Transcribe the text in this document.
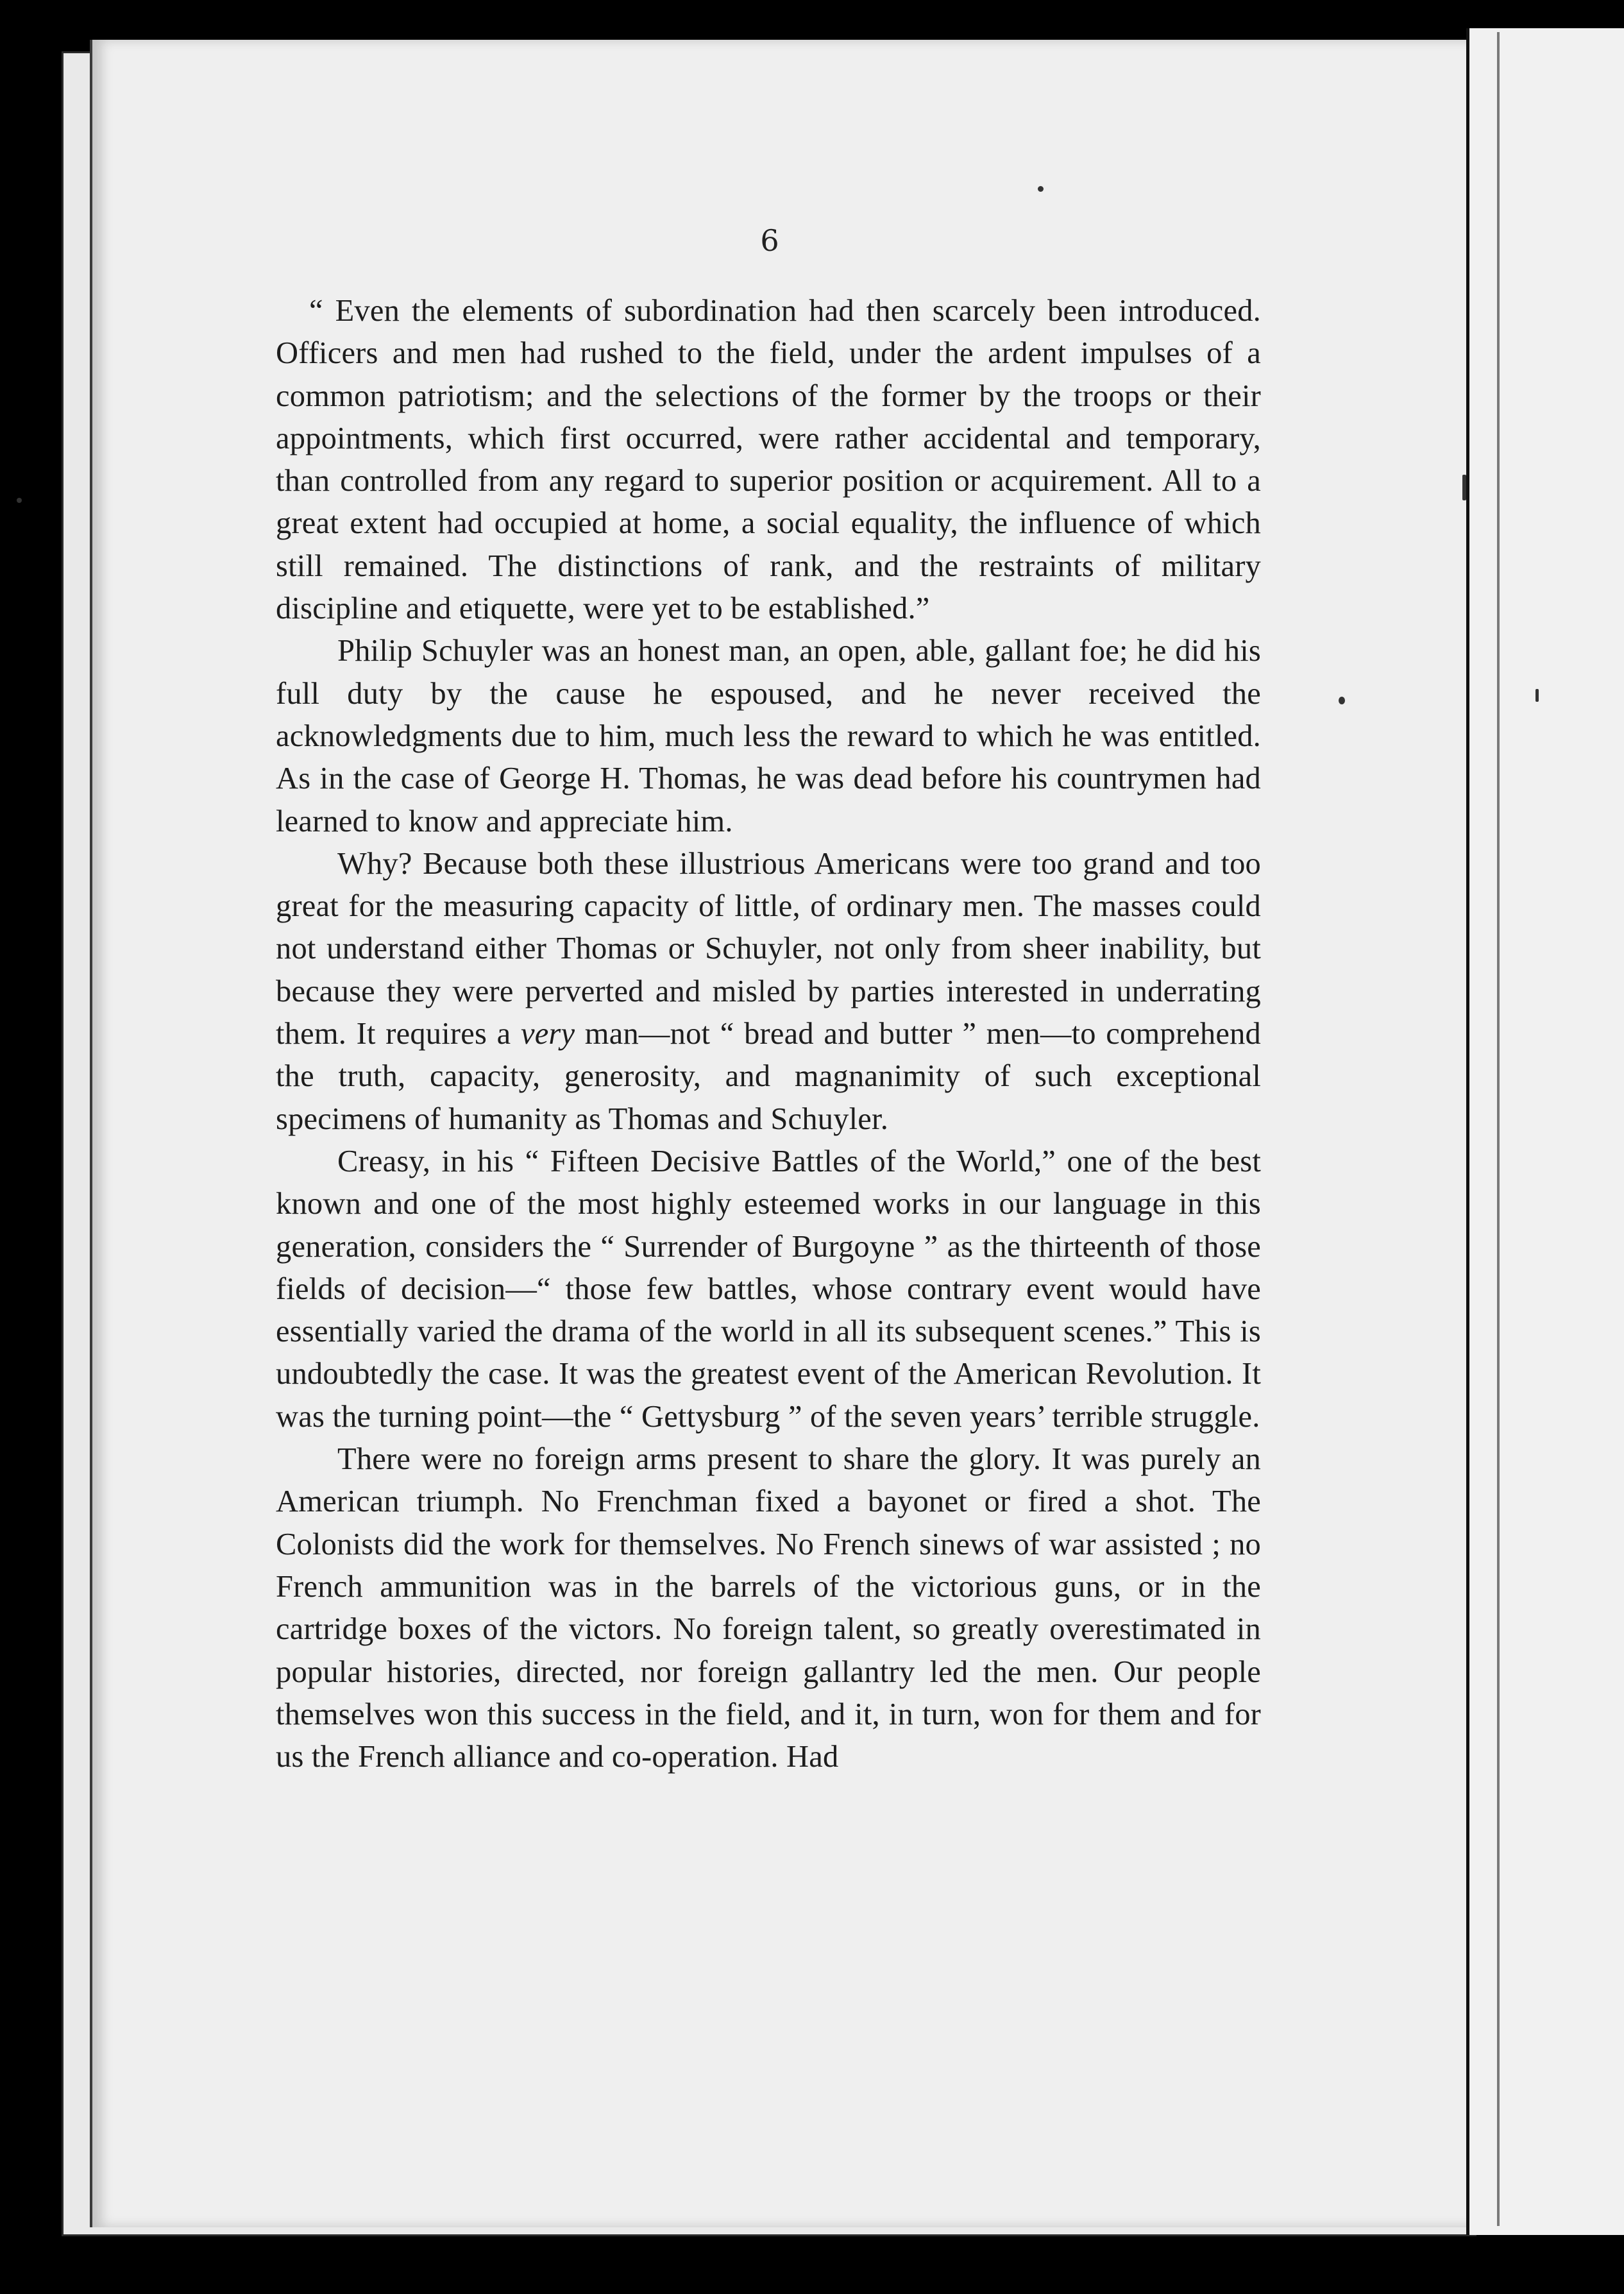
6

“ Even the elements of subordination had then scarcely been introduced. Officers and men had rushed to the field, under the ardent impulses of a common patriotism; and the selections of the former by the troops or their appointments, which first occurred, were rather accidental and temporary, than controlled from any regard to superior position or acquirement. All to a great extent had occupied at home, a social equality, the influence of which still remained. The distinctions of rank, and the restraints of military discipline and etiquette, were yet to be established.”

Philip Schuyler was an honest man, an open, able, gallant foe; he did his full duty by the cause he espoused, and he never received the acknowledgments due to him, much less the reward to which he was entitled. As in the case of George H. Thomas, he was dead before his countrymen had learned to know and appreciate him.

Why? Because both these illustrious Americans were too grand and too great for the measuring capacity of little, of ordinary men. The masses could not understand either Thomas or Schuyler, not only from sheer inability, but because they were perverted and misled by parties interested in underrating them. It requires a very man—not “ bread and butter ” men—to comprehend the truth, capacity, generosity, and magnanimity of such exceptional specimens of humanity as Thomas and Schuyler.

Creasy, in his “ Fifteen Decisive Battles of the World,” one of the best known and one of the most highly esteemed works in our language in this generation, considers the “ Surrender of Burgoyne ” as the thirteenth of those fields of decision—“ those few battles, whose contrary event would have essentially varied the drama of the world in all its subsequent scenes.” This is undoubtedly the case. It was the greatest event of the American Revolution. It was the turning point—the “ Gettysburg ” of the seven years’ terrible struggle.

There were no foreign arms present to share the glory. It was purely an American triumph. No Frenchman fixed a bayonet or fired a shot. The Colonists did the work for themselves. No French sinews of war assisted ; no French ammunition was in the barrels of the victorious guns, or in the cartridge boxes of the victors. No foreign talent, so greatly overestimated in popular histories, directed, nor foreign gallantry led the men. Our people themselves won this success in the field, and it, in turn, won for them and for us the French alliance and co-operation. Had
